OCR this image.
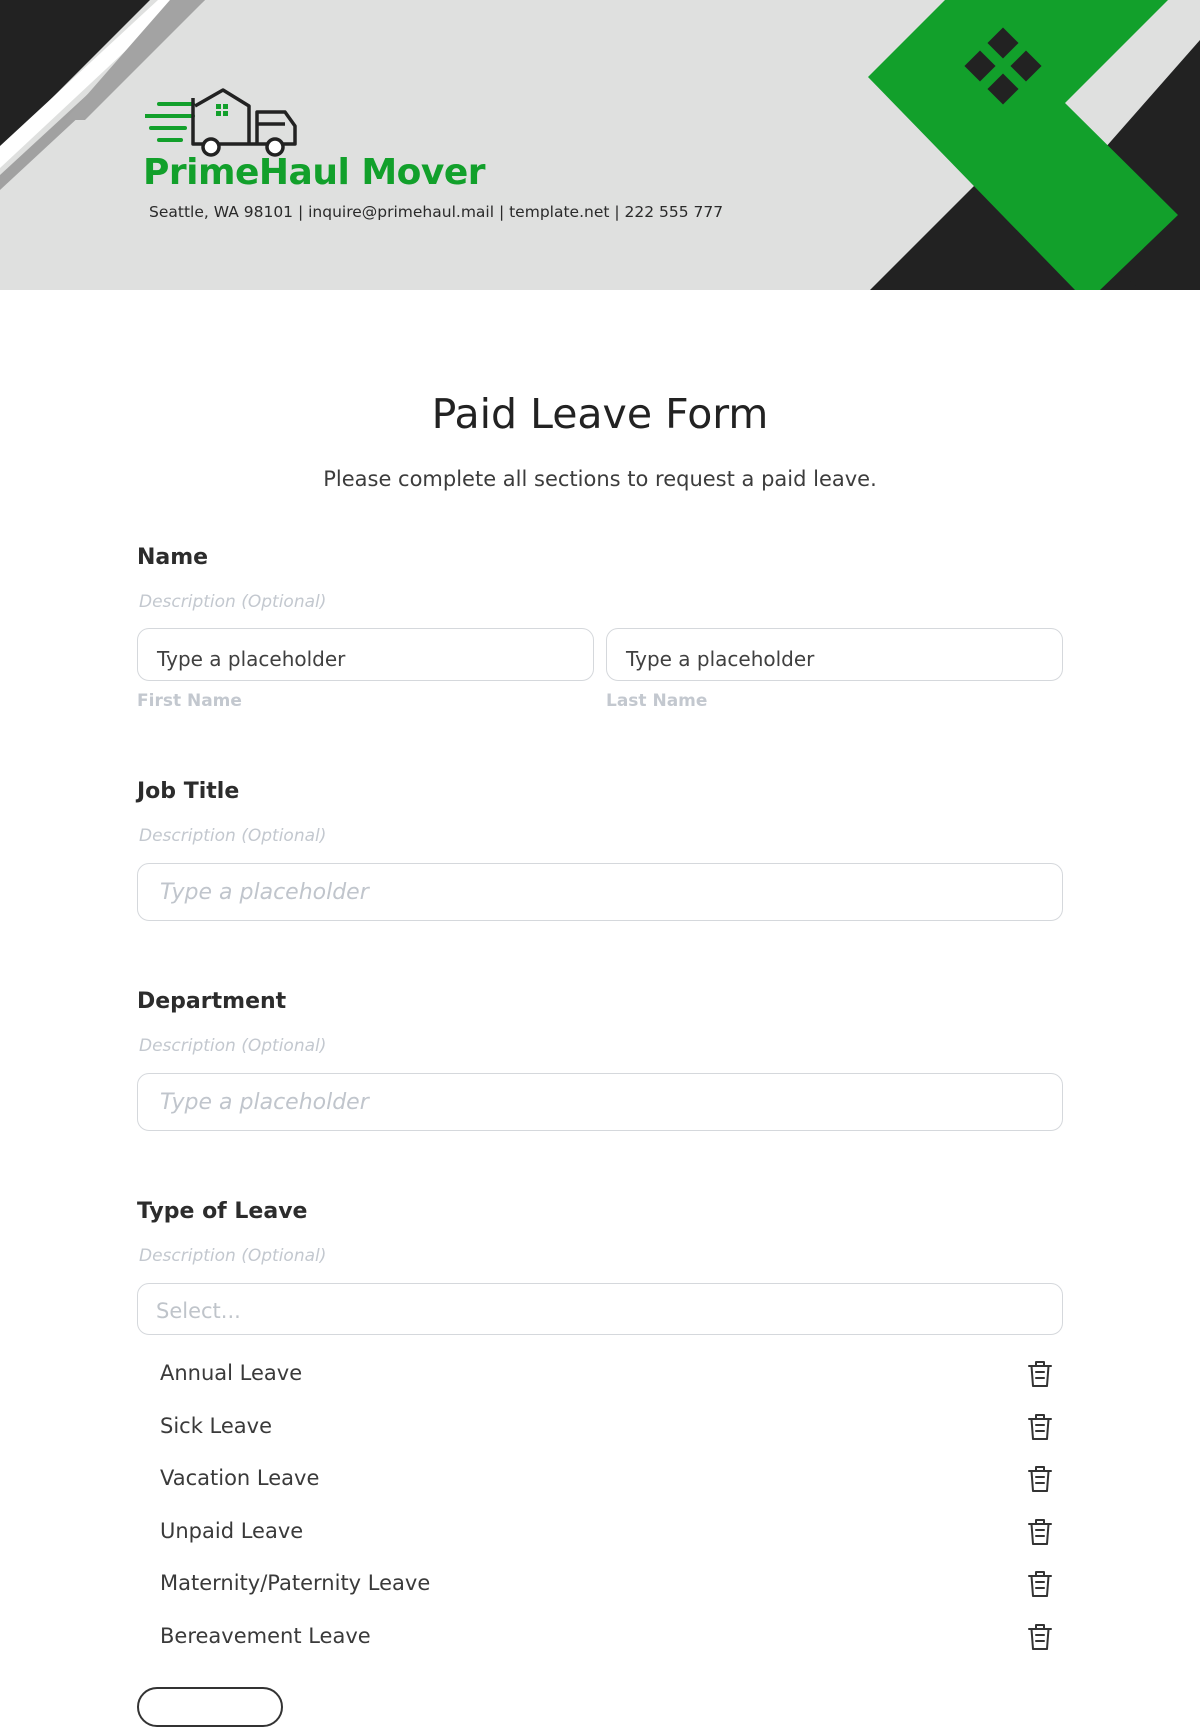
PrimeHaul Mover
Seattle, WA 98101 | inquire@primehaul.mail | template.net | 222 555 777
Paid Leave Form

Please complete all sections to request a paid leave.

Name
Description (Optional)
Type a placeholder	Type a placeholder
First Name	Last Name
Job Title
Description (Optional)
Type a placeholder
Department
Description (Optional)
Type a placeholder
Type of Leave
Description (Optional)
Select...
Annual Leave
Sick Leave
Vacation Leave
Unpaid Leave
Maternity/Paternity Leave
Bereavement Leave
